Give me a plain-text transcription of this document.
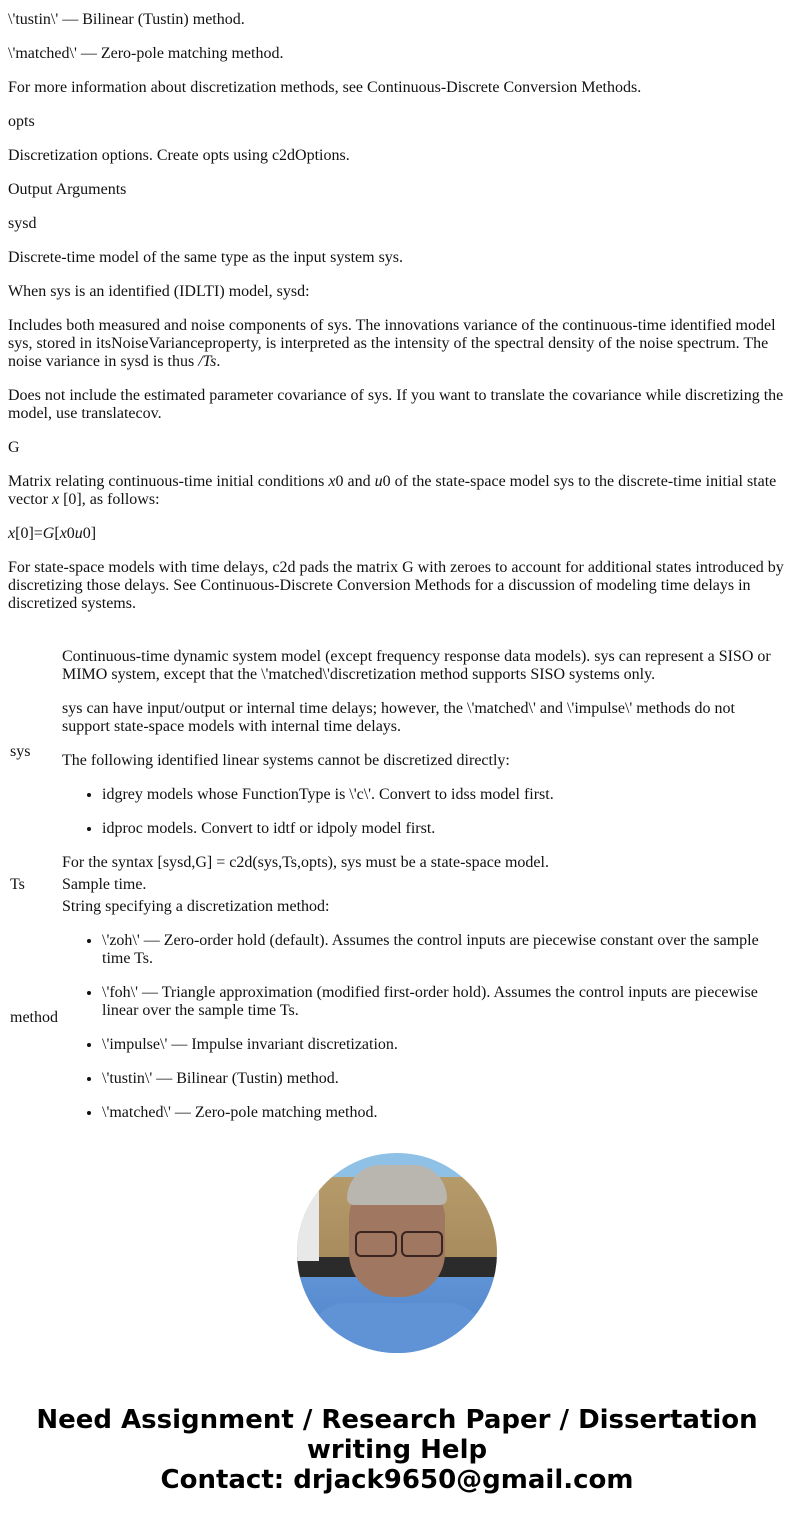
\'tustin\' — Bilinear (Tustin) method.

\'matched\' — Zero-pole matching method.

For more information about discretization methods, see Continuous-Discrete Conversion Methods.

opts

Discretization options. Create opts using c2dOptions.

Output Arguments

sysd

Discrete-time model of the same type as the input system sys.

When sys is an identified (IDLTI) model, sysd:

Includes both measured and noise components of sys. The innovations variance of the continuous-time identified model sys, stored in itsNoiseVarianceproperty, is interpreted as the intensity of the spectral density of the noise spectrum. The noise variance in sysd is thus /Ts.

Does not include the estimated parameter covariance of sys. If you want to translate the covariance while discretizing the model, use translatecov.

G

Matrix relating continuous-time initial conditions x0 and u0 of the state-space model sys to the discrete-time initial state vector x [0], as follows:

x[0]=G[x0u0]

For state-space models with time delays, c2d pads the matrix G with zeroes to account for additional states introduced by discretizing those delays. See Continuous-Discrete Conversion Methods for a discussion of modeling time delays in discretized systems.

sys	

Continuous-time dynamic system model (except frequency response data models). sys can represent a SISO or MIMO system, except that the \'matched\'discretization method supports SISO systems only.

sys can have input/output or internal time delays; however, the \'matched\' and \'impulse\' methods do not support state-space models with internal time delays.

The following identified linear systems cannot be discretized directly:

• idgrey models whose FunctionType is \'c\'. Convert to idss model first.
• idproc models. Convert to idtf or idpoly model first.

For the syntax [sysd,G] = c2d(sys,Ts,opts), sys must be a state-space model.

Ts	Sample time.
method	

String specifying a discretization method:

• \'zoh\' — Zero-order hold (default). Assumes the control inputs are piecewise constant over the sample time Ts.
• \'foh\' — Triangle approximation (modified first-order hold). Assumes the control inputs are piecewise linear over the sample time Ts.
• \'impulse\' — Impulse invariant discretization.
• \'tustin\' — Bilinear (Tustin) method.
• \'matched\' — Zero-pole matching method.

Need Assignment / Research Paper / Dissertation writing Help
Contact: drjack9650@gmail.com
